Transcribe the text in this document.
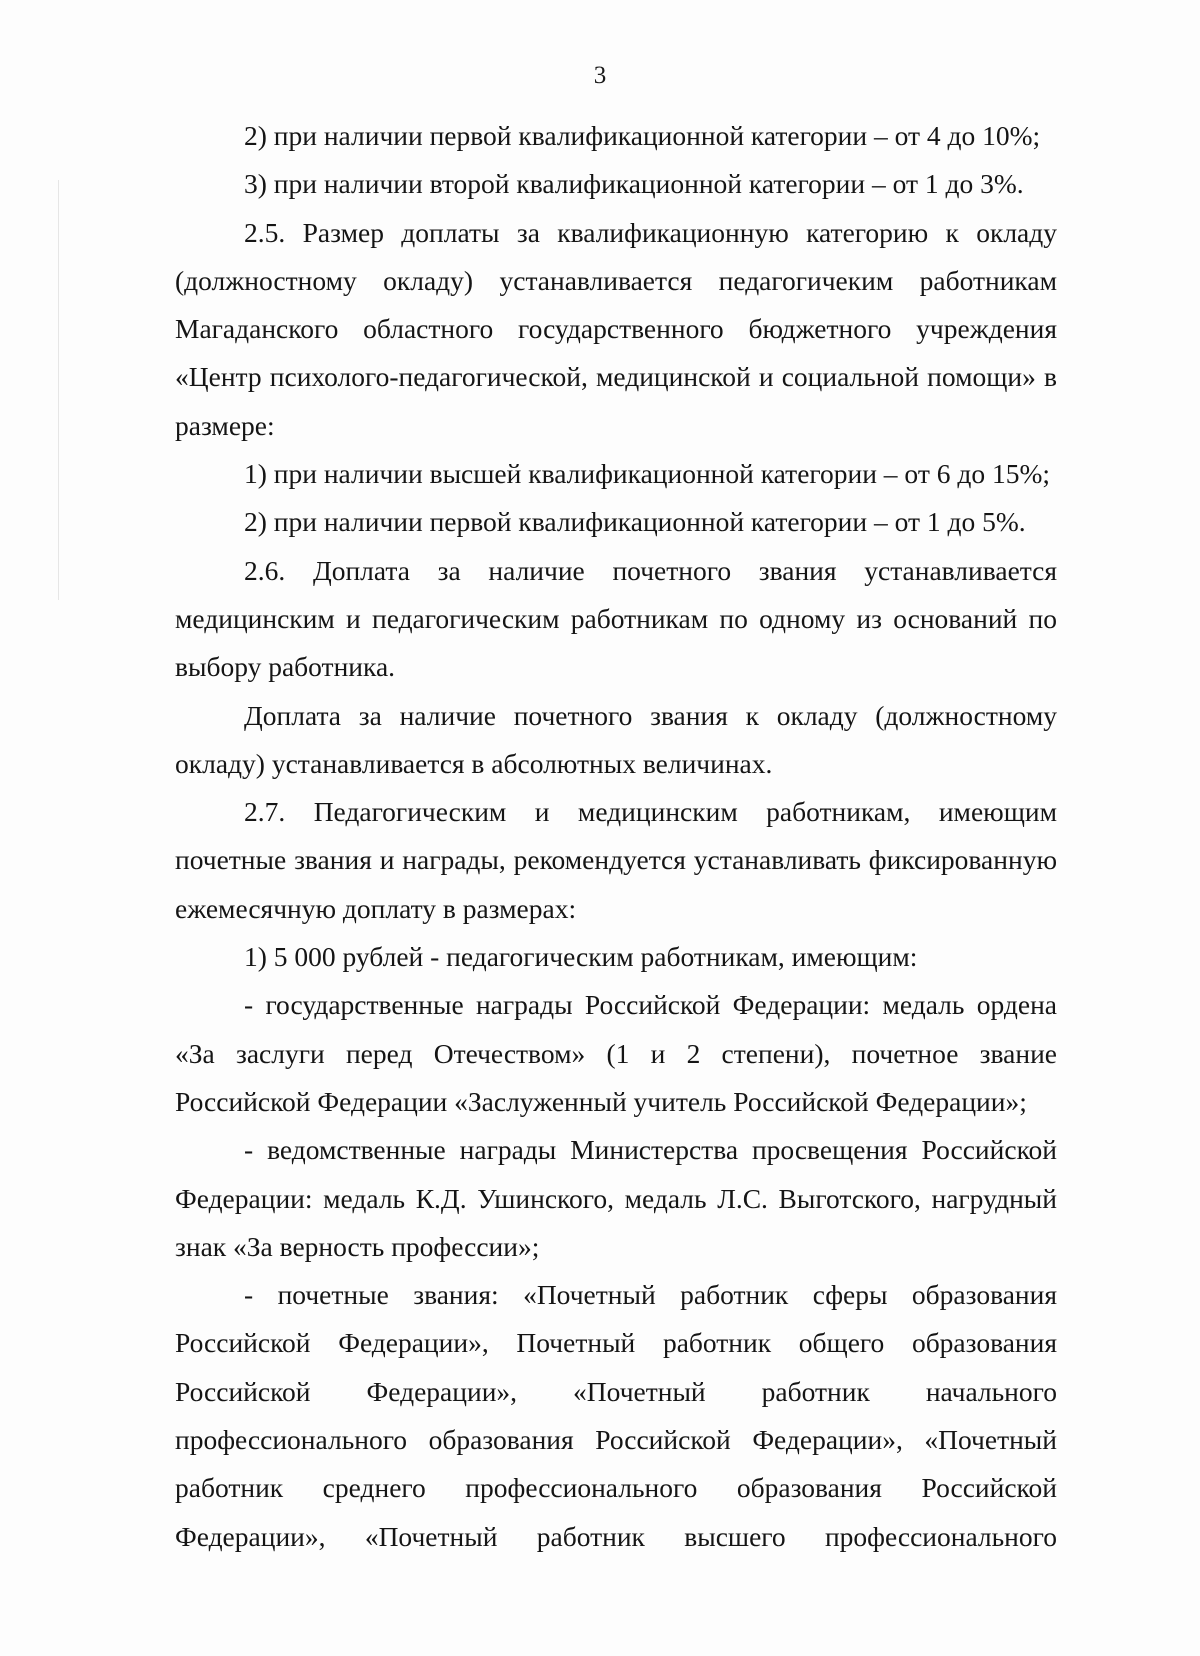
3

2) при наличии первой квалификационной категории – от 4 до 10%;

3) при наличии второй квалификационной категории – от 1 до 3%.

2.5. Размер доплаты за квалификационную категорию к окладу (должностному окладу) устанавливается педагогичеким работникам Магаданского областного государственного бюджетного учреждения «Центр психолого-педагогической, медицинской и социальной помощи» в размере:

1) при наличии высшей квалификационной категории – от 6 до 15%;

2) при наличии первой квалификационной категории – от 1 до 5%.

2.6. Доплата за наличие почетного звания устанавливается медицинским и педагогическим работникам по одному из оснований по выбору работника.

Доплата за наличие почетного звания к окладу (должностному окладу) устанавливается в абсолютных величинах.

2.7. Педагогическим и медицинским работникам, имеющим почетные звания и награды, рекомендуется устанавливать фиксированную ежемесячную доплату в размерах:

1) 5 000 рублей - педагогическим работникам, имеющим:

- государственные награды Российской Федерации: медаль ордена «За заслуги перед Отечеством» (1 и 2 степени), почетное звание Российской Федерации «Заслуженный учитель Российской Федерации»;

- ведомственные награды Министерства просвещения Российской Федерации: медаль К.Д. Ушинского, медаль Л.С. Выготского, нагрудный знак «За верность профессии»;

- почетные звания: «Почетный работник сферы образования Российской Федерации», Почетный работник общего образования Российской Федерации», «Почетный работник начального профессионального образования Российской Федерации», «Почетный работник среднего профессионального образования Российской Федерации», «Почетный работник высшего профессионального
